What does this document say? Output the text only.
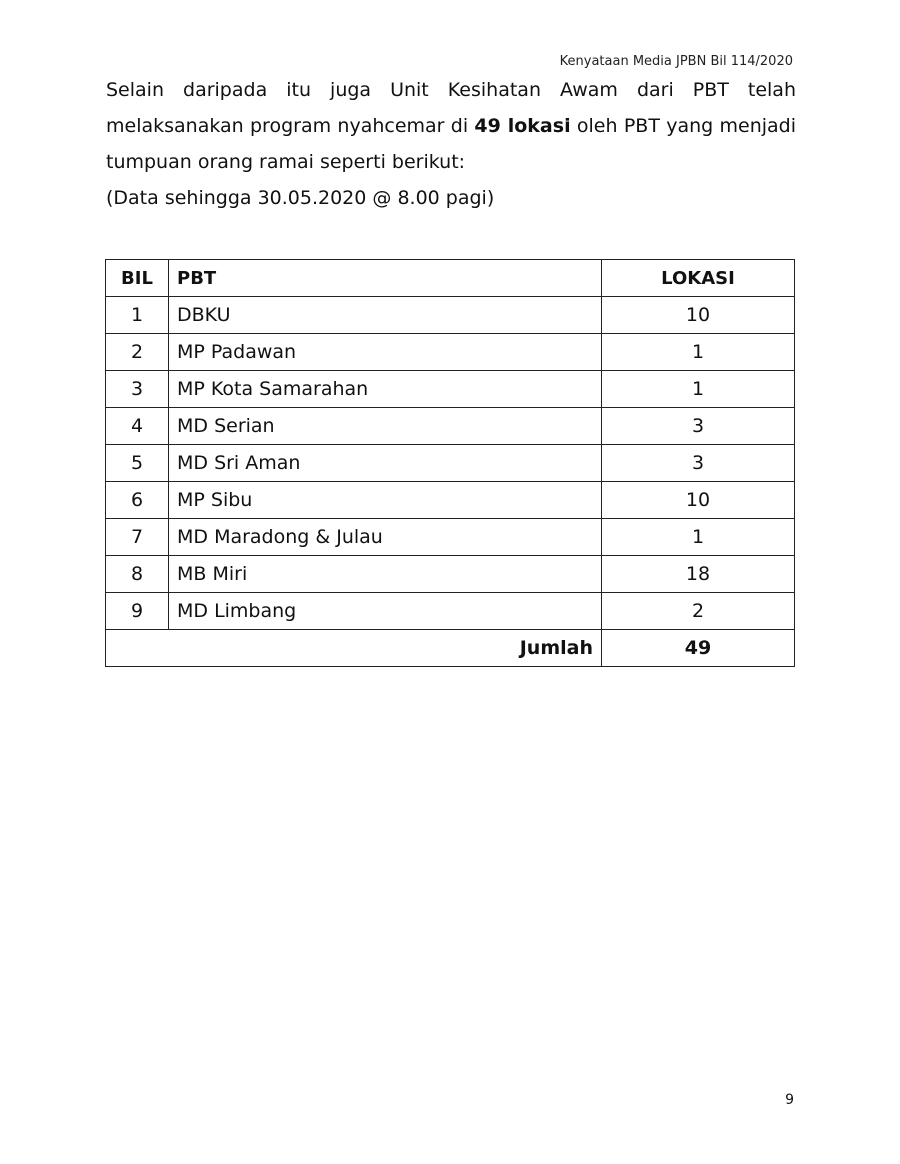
Kenyataan Media JPBN Bil 114/2020

Selain daripada itu juga Unit Kesihatan Awam dari PBT telah melaksanakan program nyahcemar di 49 lokasi oleh PBT yang menjadi tumpuan orang ramai seperti berikut:

(Data sehingga 30.05.2020 @ 8.00 pagi)

BIL	PBT	LOKASI
1	DBKU	10
2	MP Padawan	1
3	MP Kota Samarahan	1
4	MD Serian	3
5	MD Sri Aman	3
6	MP Sibu	10
7	MD Maradong & Julau	1
8	MB Miri	18
9	MD Limbang	2
Jumlah		49
9
